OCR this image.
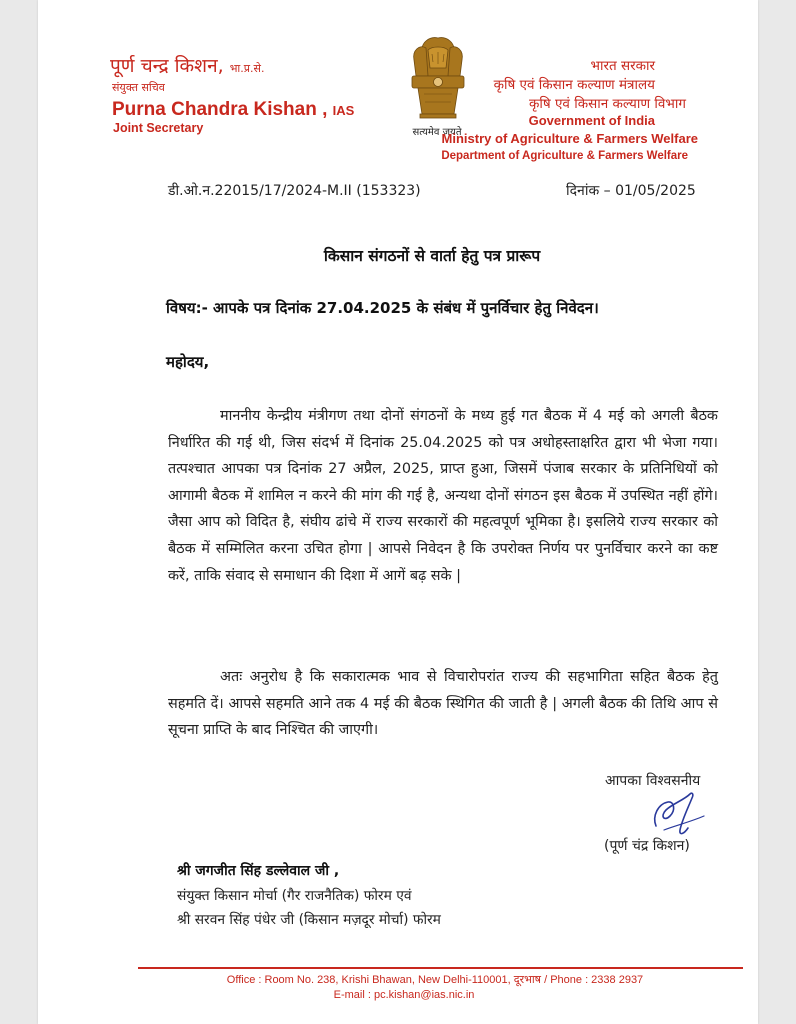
पूर्ण चन्द्र किशन, भा.प्र.से.
संयुक्त सचिव
Purna Chandra Kishan , IAS
Joint Secretary	सत्यमेव जयते
भारत सरकार
कृषि एवं किसान कल्याण मंत्रालय
कृषि एवं किसान कल्याण विभाग
Government of India
Ministry of Agriculture & Farmers Welfare
Department of Agriculture & Farmers Welfare
डी.ओ.न.22015/17/2024-M.II (153323)	दिनांक – 01/05/2025
किसान संगठनों से वार्ता हेतु पत्र प्रारूप
विषय:- आपके पत्र दिनांक 27.04.2025 के संबंध में पुनर्विचार हेतु निवेदन।
महोदय,
माननीय केन्द्रीय मंत्रीगण तथा दोनों संगठनों के मध्य हुई गत बैठक में 4 मई को अगली बैठक निर्धारित की गई थी, जिस संदर्भ में दिनांक 25.04.2025 को पत्र अधोहस्ताक्षरित द्वारा भी भेजा गया। तत्पश्चात आपका पत्र दिनांक 27 अप्रैल, 2025, प्राप्त हुआ, जिसमें पंजाब सरकार के प्रतिनिधियों को आगामी बैठक में शामिल न करने की मांग की गई है, अन्यथा दोनों संगठन इस बैठक में उपस्थित नहीं होंगे। जैसा आप को विदित है, संघीय ढांचे में राज्य सरकारों की महत्वपूर्ण भूमिका है। इसलिये राज्य सरकार को बैठक में सम्मिलित करना उचित होगा | आपसे निवेदन है कि उपरोक्त निर्णय पर पुनर्विचार करने का कष्ट करें, ताकि संवाद से समाधान की दिशा में आगें बढ़ सके |
अतः अनुरोध है कि सकारात्मक भाव से विचारोपरांत राज्य की सहभागिता सहित बैठक हेतु सहमति दें। आपसे सहमति आने तक 4 मई की बैठक स्थिगित की जाती है | अगली बैठक की तिथि आप से सूचना प्राप्ति के बाद निश्चित की जाएगी।
आपका विश्वसनीय
(पूर्ण चंद्र किशन)
श्री जगजीत सिंह डल्लेवाल जी ,
संयुक्त किसान मोर्चा (गैर राजनैतिक) फोरम एवं
श्री सरवन सिंह पंधेर जी (किसान मज़दूर मोर्चा) फोरम
Office : Room No. 238, Krishi Bhawan, New Delhi-110001, दूरभाष / Phone : 2338 2937
E-mail : pc.kishan@ias.nic.in
